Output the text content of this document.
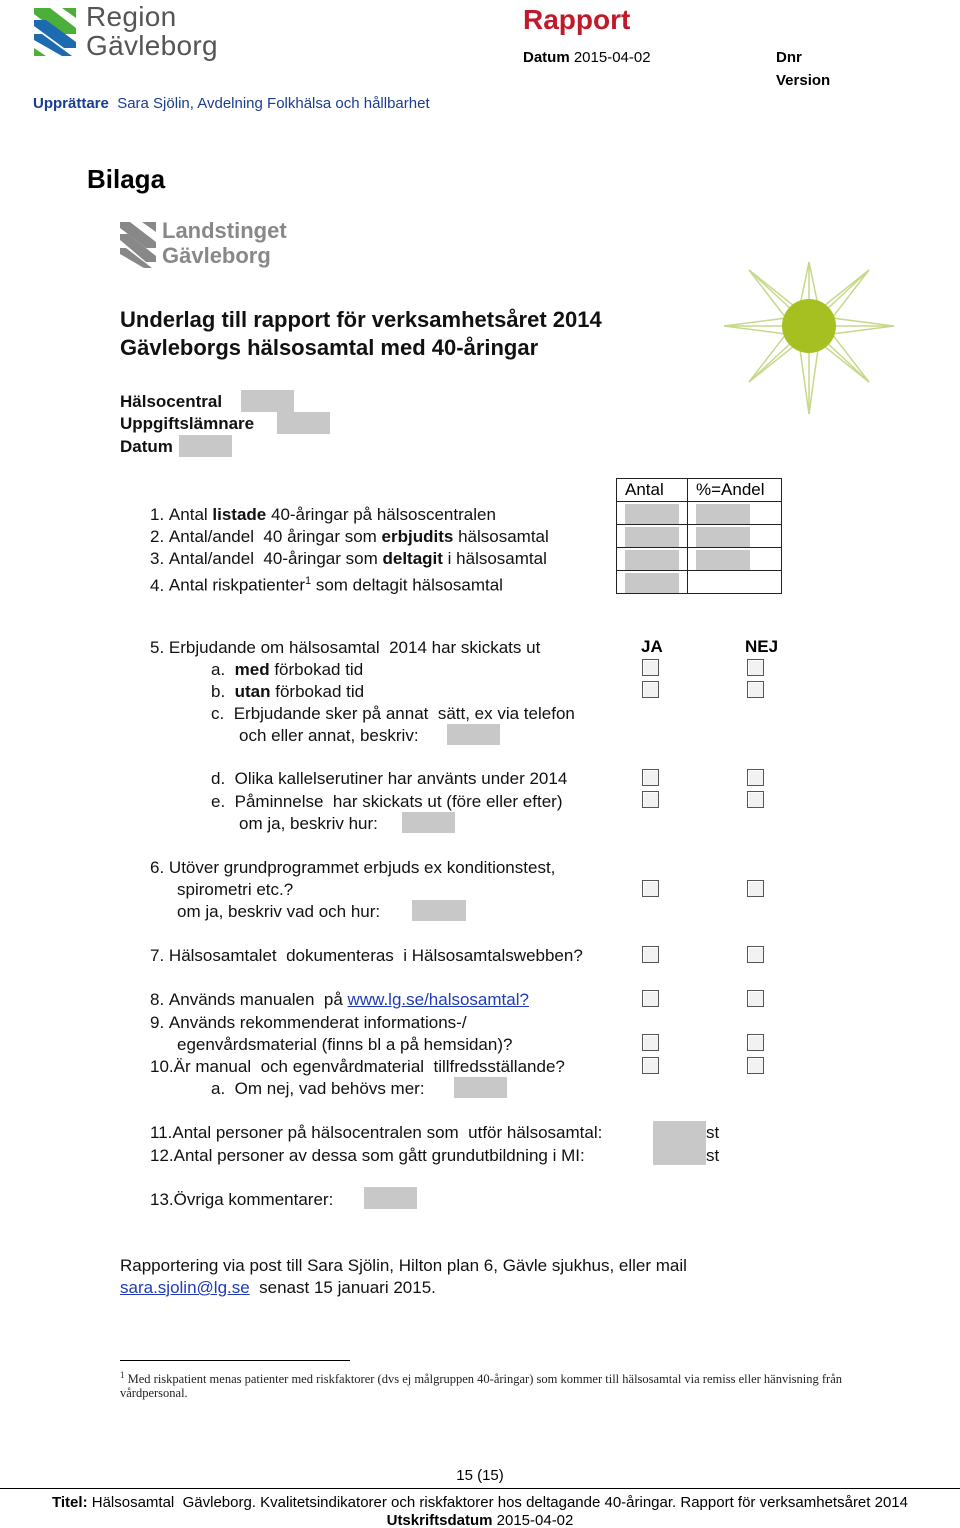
Region
Gävleborg
Rapport
Datum 2015-04-02	Dnr
Version
Upprättare Sara Sjölin, Avdelning Folkhälsa och hållbarhet
Bilaga
Landstinget
Gävleborg
Underlag till rapport för verksamhetsåret 2014
Gävleborgs hälsosamtal med 40-åringar
Hälsocentral
Uppgiftslämnare
Datum
Antal	%=Andel

1. Antal listade 40-åringar på hälsoscentralen
2. Antal/andel  40 åringar som erbjudits hälsosamtal
3. Antal/andel  40-åringar som deltagit i hälsosamtal
4. Antal riskpatienter$^1$ som deltagit hälsosamtal
JA	NEJ
5. Erbjudande om hälsosamtal  2014 har skickats ut
a. med förbokad tid
b. utan förbokad tid
c. Erbjudande sker på annat  sätt, ex via telefon
och eller annat, beskriv:
d. Olika kallelserutiner har använts under 2014
e. Påminnelse  har skickats ut (före eller efter)
om ja, beskriv hur:
6. Utöver grundprogrammet erbjuds ex konditionstest,
spirometri etc.?
om ja, beskriv vad och hur:
7. Hälsosamtalet  dokumenteras  i Hälsosamtalswebben?
8. Används manualen  på www.lg.se/halsosamtal?
9. Används rekommenderat informations-/
egenvårdsmaterial (finns bl a på hemsidan)?
10.Är manual  och egenvårdmaterial  tillfredsställande?
a. Om nej, vad behövs mer:
11.Antal personer på hälsocentralen som  utför hälsosamtal:	st
12.Antal personer av dessa som gått grundutbildning i MI:	st
13.Övriga kommentarer:
Rapportering via post till Sara Sjölin, Hilton plan 6, Gävle sjukhus, eller mail
sara.sjolin@lg.se  senast 15 januari 2015.
$^1$ Med riskpatient menas patienter med riskfaktorer (dvs ej målgruppen 40-åringar) som kommer till hälsosamtal via remiss eller hänvisning från vårdpersonal.
15 (15)
Titel: Hälsosamtal  Gävleborg. Kvalitetsindikatorer och riskfaktorer hos deltagande 40-åringar. Rapport för verksamhetsåret 2014
Utskriftsdatum 2015-04-02
